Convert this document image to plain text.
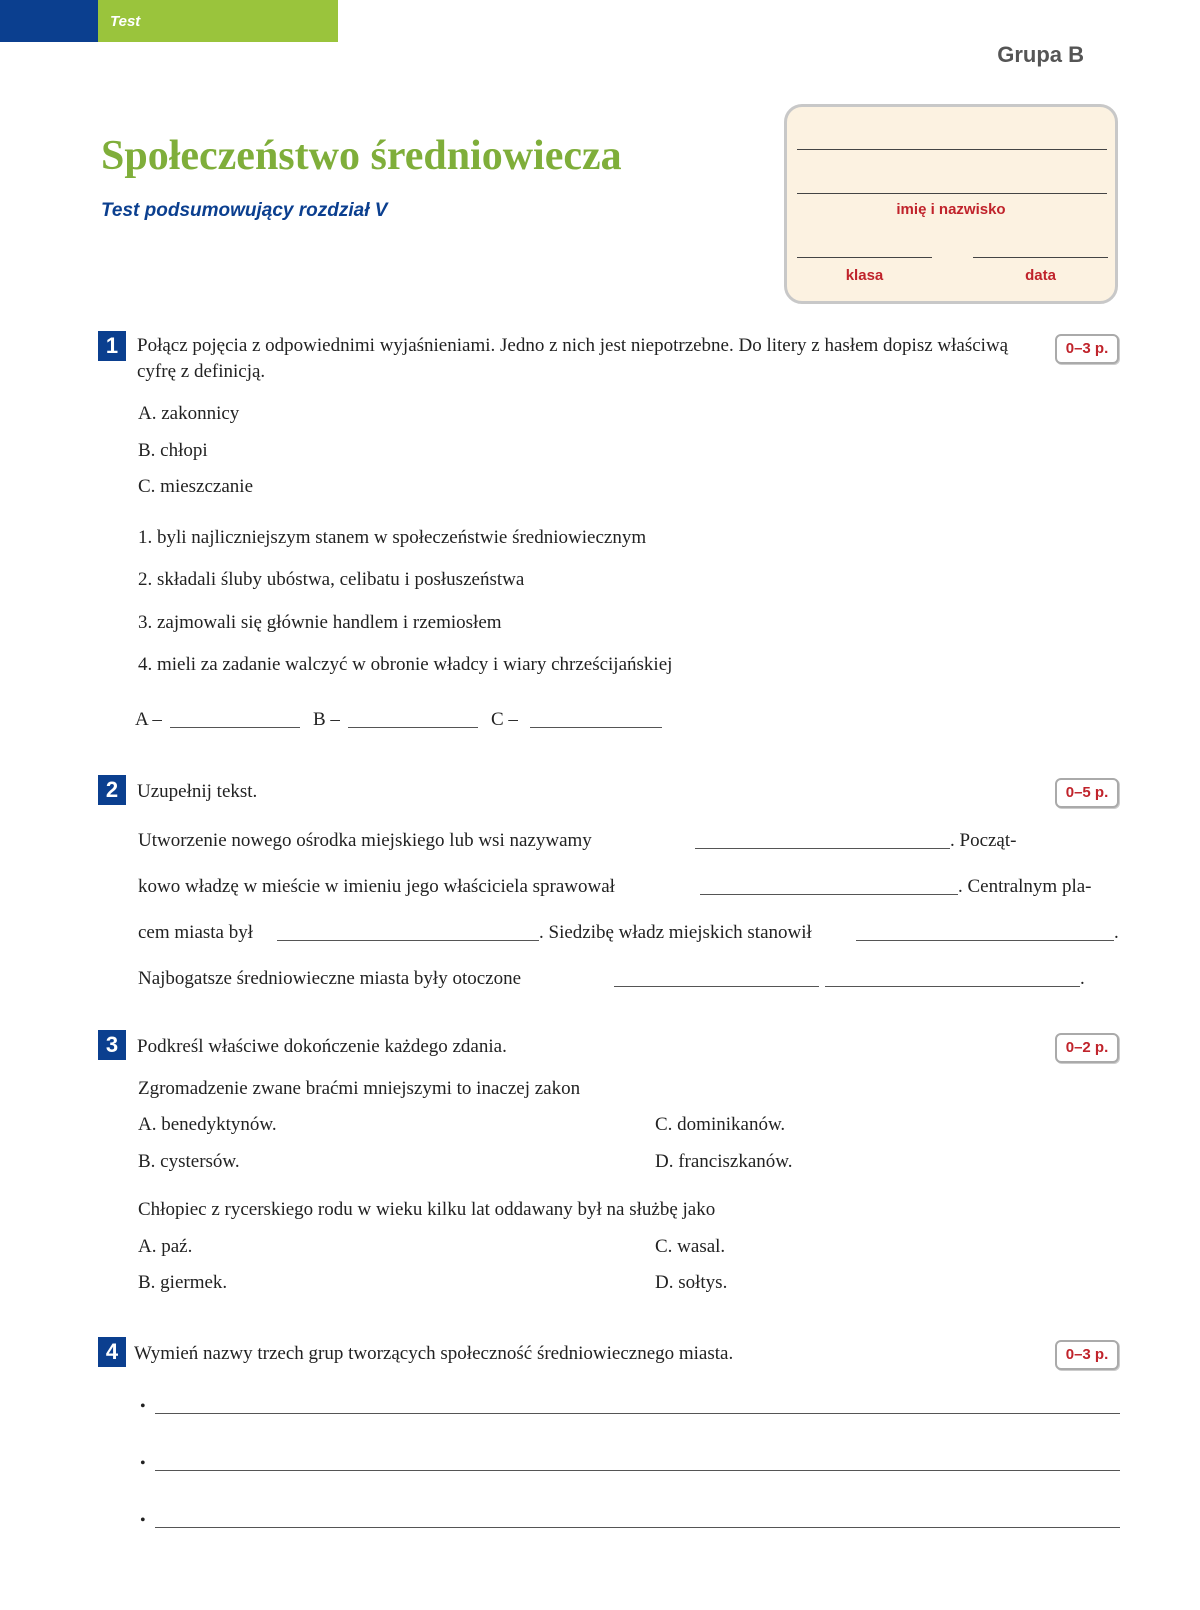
Test
Grupa B
Społeczeństwo średniowiecza
Test podsumowujący rozdział V	imię i nazwisko
klasa	data
1 Połącz pojęcia z odpowiednimi wyjaśnieniami. Jedno z nich jest niepotrzebne. Do litery z hasłem dopisz właściwą cyfrę z definicją.
0–3 p.
A. zakonnicy
B. chłopi
C. mieszczanie
1. byli najliczniejszym stanem w społeczeństwie średniowiecznym
2. składali śluby ubóstwa, celibatu i posłuszeństwa
3. zajmowali się głównie handlem i rzemiosłem
4. mieli za zadanie walczyć w obronie władcy i wiary chrześcijańskiej
A –	B –	C –
2 Uzupełnij tekst.	0–5 p.
Utworzenie nowego ośrodka miejskiego lub wsi nazywamy	. Począt-
kowo władzę w mieście w imieniu jego właściciela sprawował	. Centralnym pla-
cem miasta był	. Siedzibę władz miejskich stanowił	.
Najbogatsze średniowieczne miasta były otoczone	.
3 Podkreśl właściwe dokończenie każdego zdania.	0–2 p.
Zgromadzenie zwane braćmi mniejszymi to inaczej zakon
A. benedyktynów.	C. dominikanów.
B. cystersów.	D. franciszkanów.
Chłopiec z rycerskiego rodu w wieku kilku lat oddawany był na służbę jako
A. paź.	C. wasal.
B. giermek.	D. sołtys.
4 Wymień nazwy trzech grup tworzących społeczność średniowiecznego miasta.	0–3 p.
•
•
•
